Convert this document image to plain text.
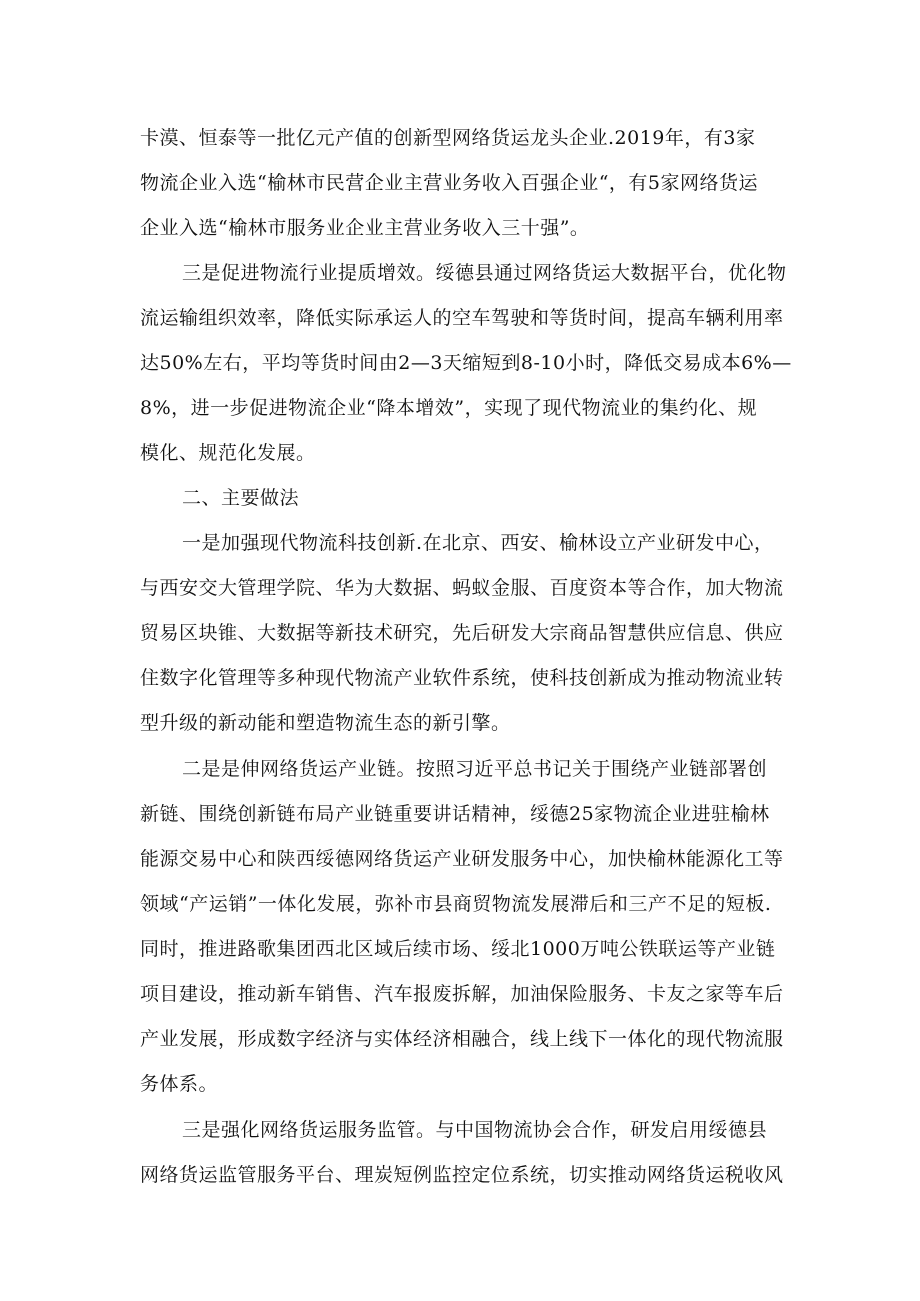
卡漠、恒泰等一批亿元产值的创新型网络货运龙头企业.2019年，有3家
物流企业入选“榆林市民营企业主营业务收入百强企业“，有5家网络货运
企业入选“榆林市服务业企业主营业务收入三十强”。
三是促进物流行业提质增效。绥德县通过网络货运大数据平台，优化物
流运输组织效率，降低实际承运人的空车驾驶和等货时间，提高车辆利用率
达50%左右，平均等货时间由2—3天缩短到8-10小时，降低交易成本6%—
8%，进一步促进物流企业“降本增效”，实现了现代物流业的集约化、规
模化、规范化发展。
二、主要做法
一是加强现代物流科技创新.在北京、西安、榆林设立产业研发中心，
与西安交大管理学院、华为大数据、蚂蚁金服、百度资本等合作，加大物流
贸易区块锥、大数据等新技术研究，先后研发大宗商品智慧供应信息、供应
住数字化管理等多种现代物流产业软件系统，使科技创新成为推动物流业转
型升级的新动能和塑造物流生态的新引擎。
二是是伸网络货运产业链。按照习近平总书记关于围绕产业链部署创
新链、围绕创新链布局产业链重要讲话精神，绥德25家物流企业进驻榆林
能源交易中心和陕西绥德网络货运产业研发服务中心，加快榆林能源化工等
领域“产运销”一体化发展，弥补市县商贸物流发展滞后和三产不足的短板.
同时，推进路歌集团西北区域后续市场、绥北1000万吨公铁联运等产业链
项目建设，推动新车销售、汽车报废拆解，加油保险服务、卡友之家等车后
产业发展，形成数字经济与实体经济相融合，线上线下一体化的现代物流服
务体系。
三是强化网络货运服务监管。与中国物流协会合作，研发启用绥德县
网络货运监管服务平台、理炭短例监控定位系统，切实推动网络货运税收风
